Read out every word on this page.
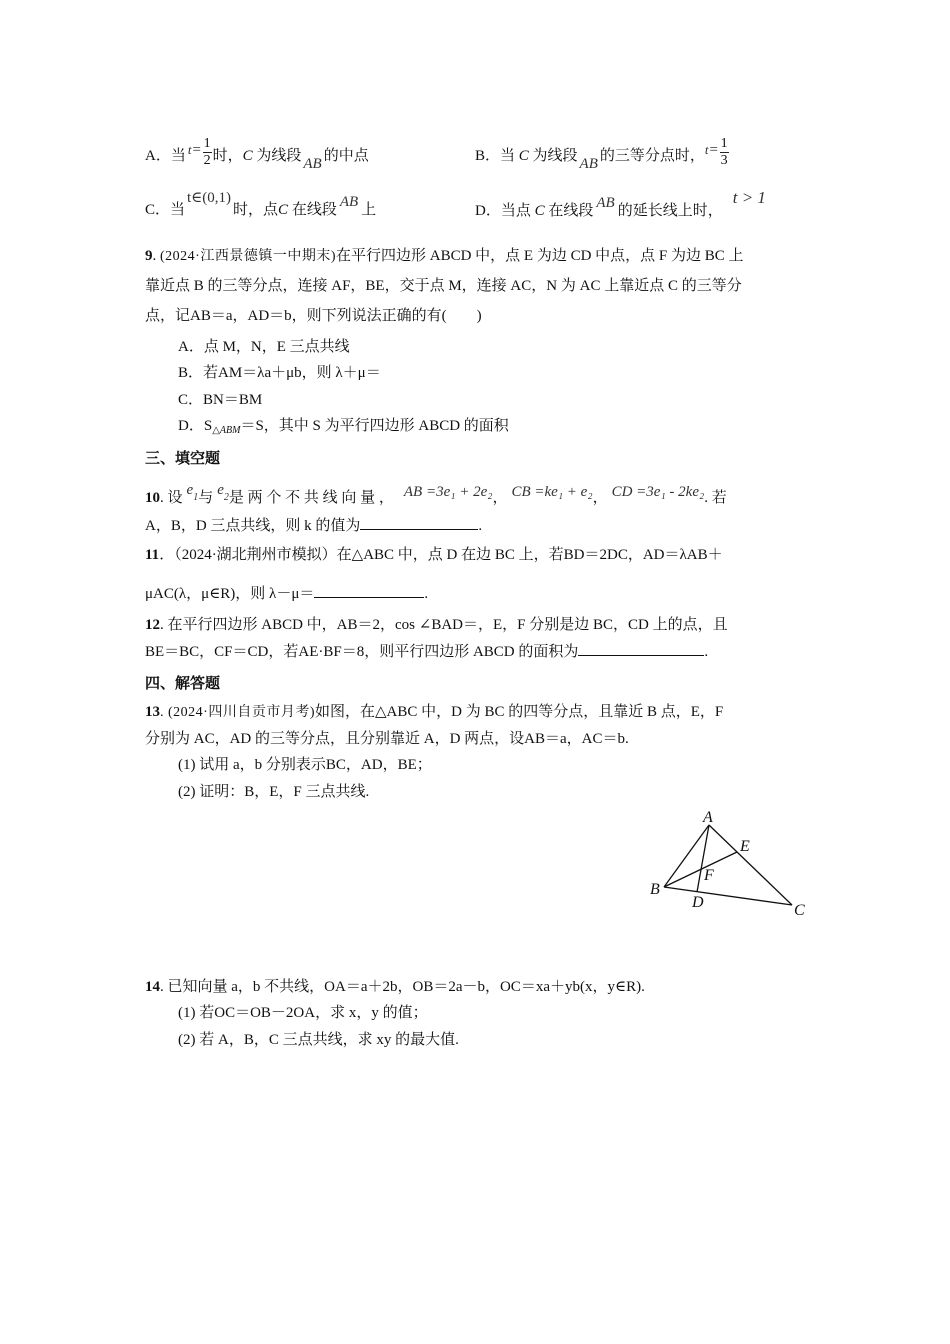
A．当 $t= \frac{1}{2}$ 时，C 为线段 AB 的中点	B．当 C 为线段 AB 的三等分点时，$t= \frac{1}{3}$
C．当t∈(0,1)时，点C 在线段 AB 上	D．当点 C 在线段 AB 的延长线上时，t > 1
9. (2024·江西景德镇一中期末)在平行四边形 ABCD 中，点 E 为边 CD 中点，点 F 为边 BC 上
靠近点 B 的三等分点，连接 AF，BE，交于点 M，连接 AC，N 为 AC 上靠近点 C 的三等分
点，记AB＝a，AD＝b，则下列说法正确的有(　　)
A．点 M，N，E 三点共线
B．若AM＝λa＋μb，则 λ＋μ＝
C．BN＝BM
D．$S_{\triangle ABM}=S$，其中 S 为平行四边形 ABCD 的面积
三、填空题
10. 设 $e_1$与 $e_2$是 两 个 不 共 线 向 量 ， AB =3e₁ + 2e₂， CB =ke₁ + e₂， CD =3e₁ - 2ke₂. 若
A，B，D 三点共线，则 k 的值为	.
11．（2024·湖北荆州市模拟）在△ABC 中，点 D 在边 BC 上，若BD＝2DC，AD＝λAB＋
μAC(λ，μ∈R)，则 λ－μ＝	.
12. 在平行四边形 ABCD 中，AB＝2，cos ∠BAD＝，E，F 分别是边 BC，CD 上的点，且
BE＝BC，CF＝CD，若AE·BF＝8，则平行四边形 ABCD 的面积为	.
四、解答题
13. (2024·四川自贡市月考)如图，在△ABC 中，D 为 BC 的四等分点，且靠近 B 点，E，F
分别为 AC，AD 的三等分点，且分别靠近 A，D 两点，设AB＝a，AC＝b.
(1) 试用 a，b 分别表示BC，AD，BE；
(2) 证明：B，E，F 三点共线.
A
B
C
D
E
F
14. 已知向量 a，b 不共线，OA＝a＋2b，OB＝2a－b，OC＝xa＋yb(x，y∈R).
(1) 若OC＝OB－2OA，求 x，y 的值；
(2) 若 A，B，C 三点共线，求 xy 的最大值.
